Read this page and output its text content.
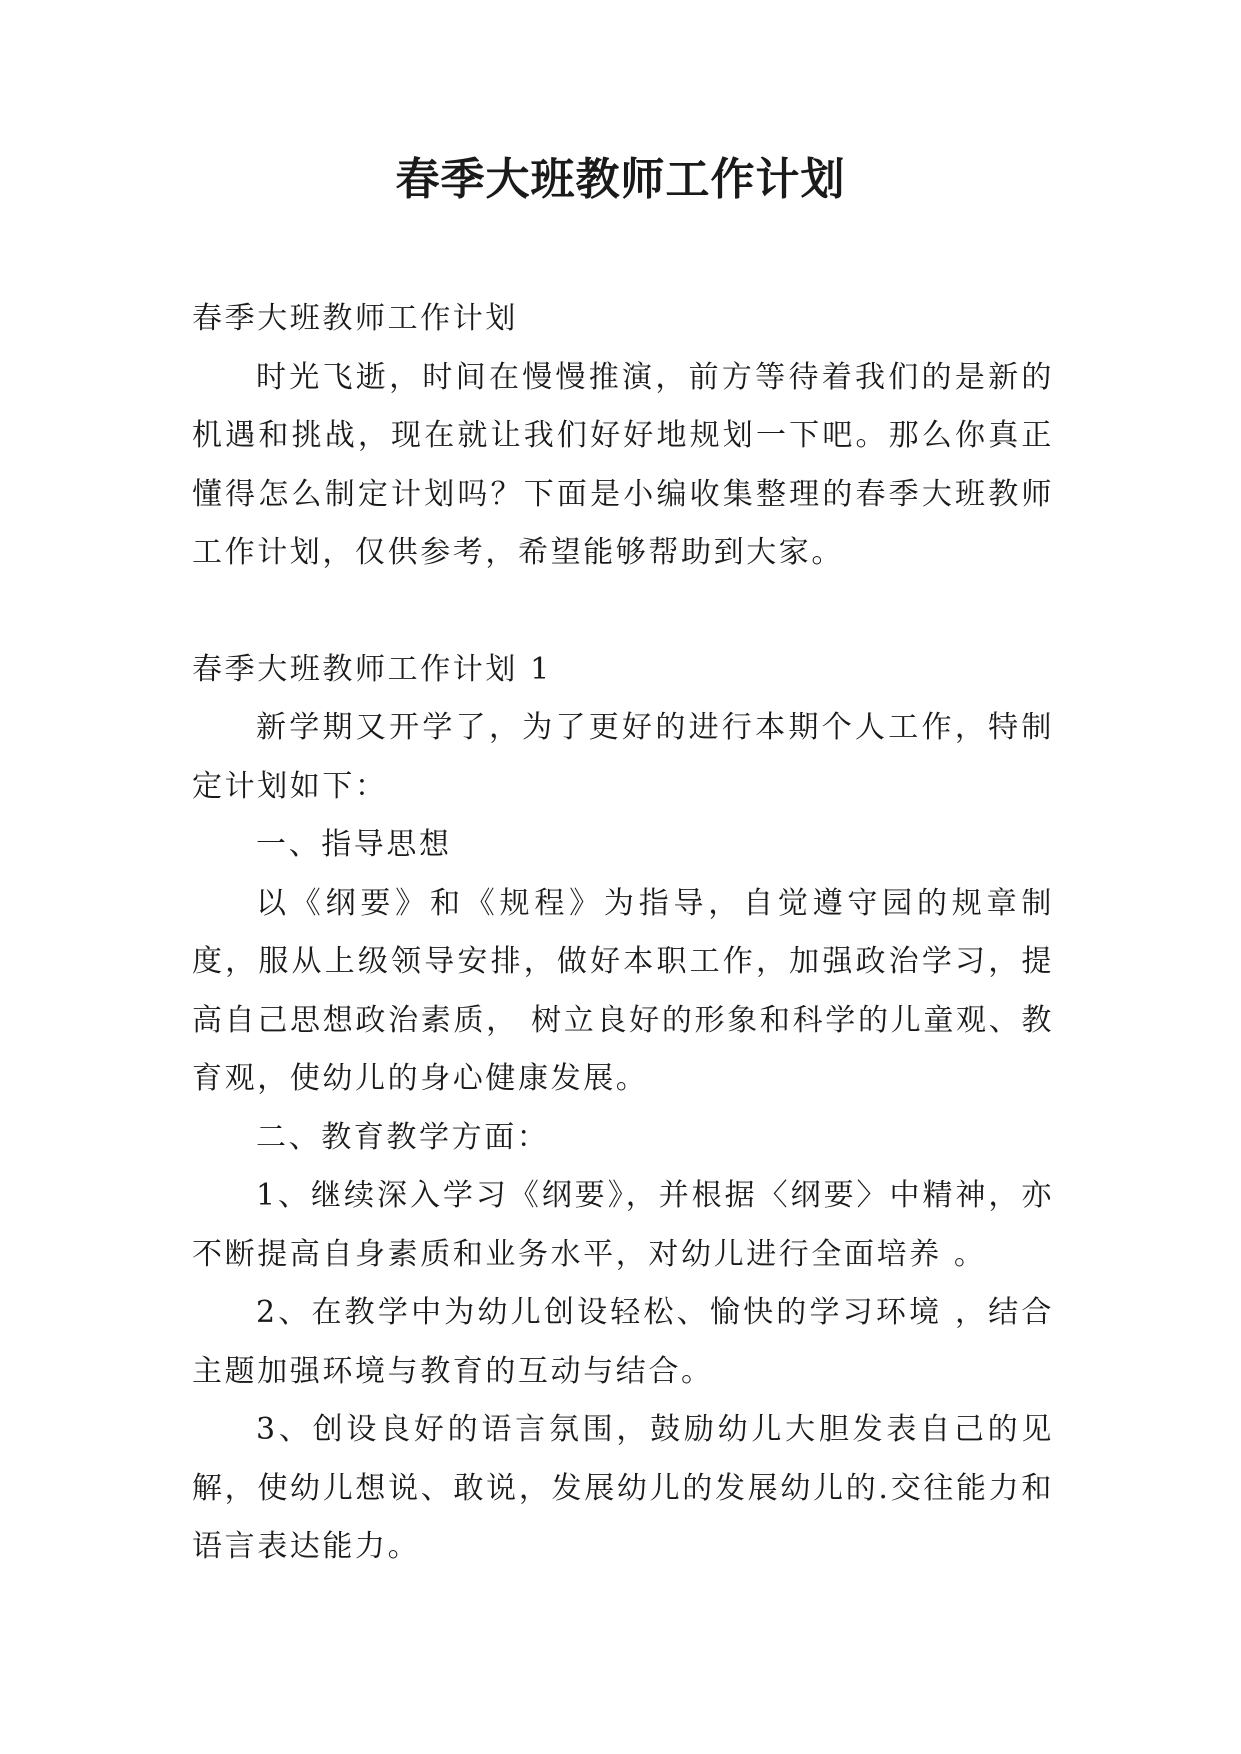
春季大班教师工作计划

春季大班教师工作计划

时光飞逝，时间在慢慢推演，前方等待着我们的是新的机遇和挑战，现在就让我们好好地规划一下吧。那么你真正懂得怎么制定计划吗？下面是小编收集整理的春季大班教师工作计划，仅供参考，希望能够帮助到大家。

春季大班教师工作计划 1

新学期又开学了，为了更好的进行本期个人工作，特制定计划如下：

一、指导思想

以《纲要》和《规程》为指导，自觉遵守园的规章制度，服从上级领导安排，做好本职工作，加强政治学习，提高自己思想政治素质， 树立良好的形象和科学的儿童观、教育观，使幼儿的身心健康发展。

二、教育教学方面：

1、继续深入学习《纲要》，并根据〈纲要〉中精神，亦不断提高自身素质和业务水平，对幼儿进行全面培养 。

2、在教学中为幼儿创设轻松、愉快的学习环境 ，结合主题加强环境与教育的互动与结合。

3、创设良好的语言氛围，鼓励幼儿大胆发表自己的见解，使幼儿想说、敢说，发展幼儿的发展幼儿的.交往能力和语言表达能力。
